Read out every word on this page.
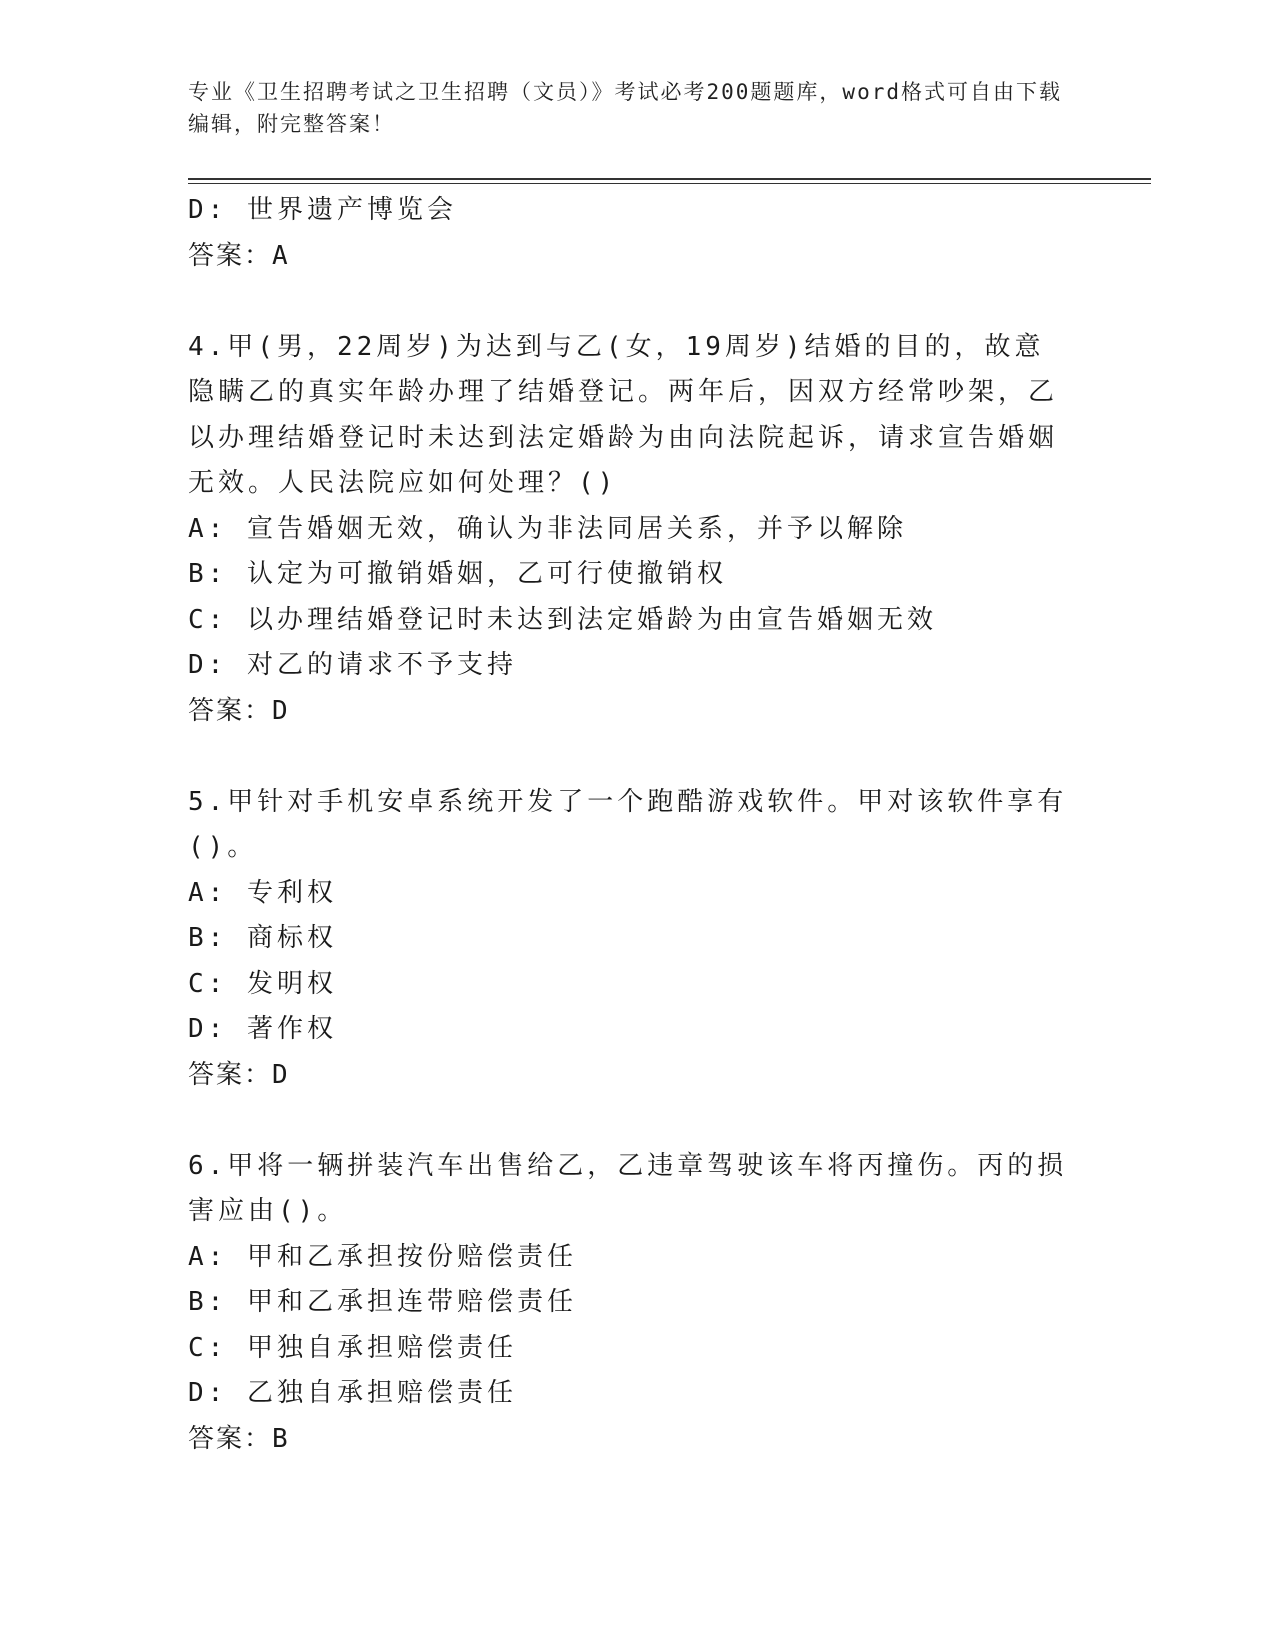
专业《卫生招聘考试之卫生招聘（文员）》考试必考200题题库，word格式可自由下载编辑，附完整答案！
D: 世界遗产博览会
答案：A
4.甲(男，22周岁)为达到与乙(女，19周岁)结婚的目的，故意隐瞒乙的真实年龄办理了结婚登记。两年后，因双方经常吵架，乙以办理结婚登记时未达到法定婚龄为由向法院起诉，请求宣告婚姻无效。人民法院应如何处理？()
A: 宣告婚姻无效，确认为非法同居关系，并予以解除
B: 认定为可撤销婚姻，乙可行使撤销权
C: 以办理结婚登记时未达到法定婚龄为由宣告婚姻无效
D: 对乙的请求不予支持
答案：D
5.甲针对手机安卓系统开发了一个跑酷游戏软件。甲对该软件享有()。
A: 专利权
B: 商标权
C: 发明权
D: 著作权
答案：D
6.甲将一辆拼装汽车出售给乙，乙违章驾驶该车将丙撞伤。丙的损害应由()。
A: 甲和乙承担按份赔偿责任
B: 甲和乙承担连带赔偿责任
C: 甲独自承担赔偿责任
D: 乙独自承担赔偿责任
答案：B
